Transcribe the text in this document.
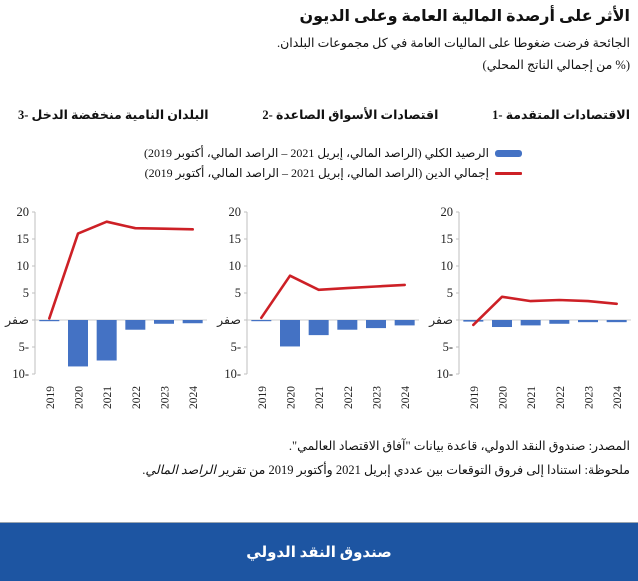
الأثر على أرصدة المالية العامة وعلى الديون
الجائحة فرضت ضغوطا على الماليات العامة في كل مجموعات البلدان.
(% من إجمالي الناتج المحلي)
1- الاقتصادات المتقدمة
2- اقتصادات الأسواق الصاعدة
3- البلدان النامية منخفضة الدخل
الرصيد الكلي (الراصد المالي، إبريل 2021 – الراصد المالي، أكتوبر 2019)
إجمالي الدين (الراصد المالي، إبريل 2021 – الراصد المالي، أكتوبر 2019)
20
15
10
5
صفر
5-
10-
2019 2020 2021 2022 2023 2024
20
15
10
5
صفر
5-
10-
2019 2020 2021 2022 2023 2024
20
15
10
5
صفر
5-
10-
2019 2020 2021 2022 2023 2024
المصدر: صندوق النقد الدولي، قاعدة بيانات "آفاق الاقتصاد العالمي".
ملحوظة: استنادا إلى فروق التوقعات بين عددي إبريل 2021 وأكتوبر 2019 من تقرير الراصد المالي.
صندوق النقد الدولي
